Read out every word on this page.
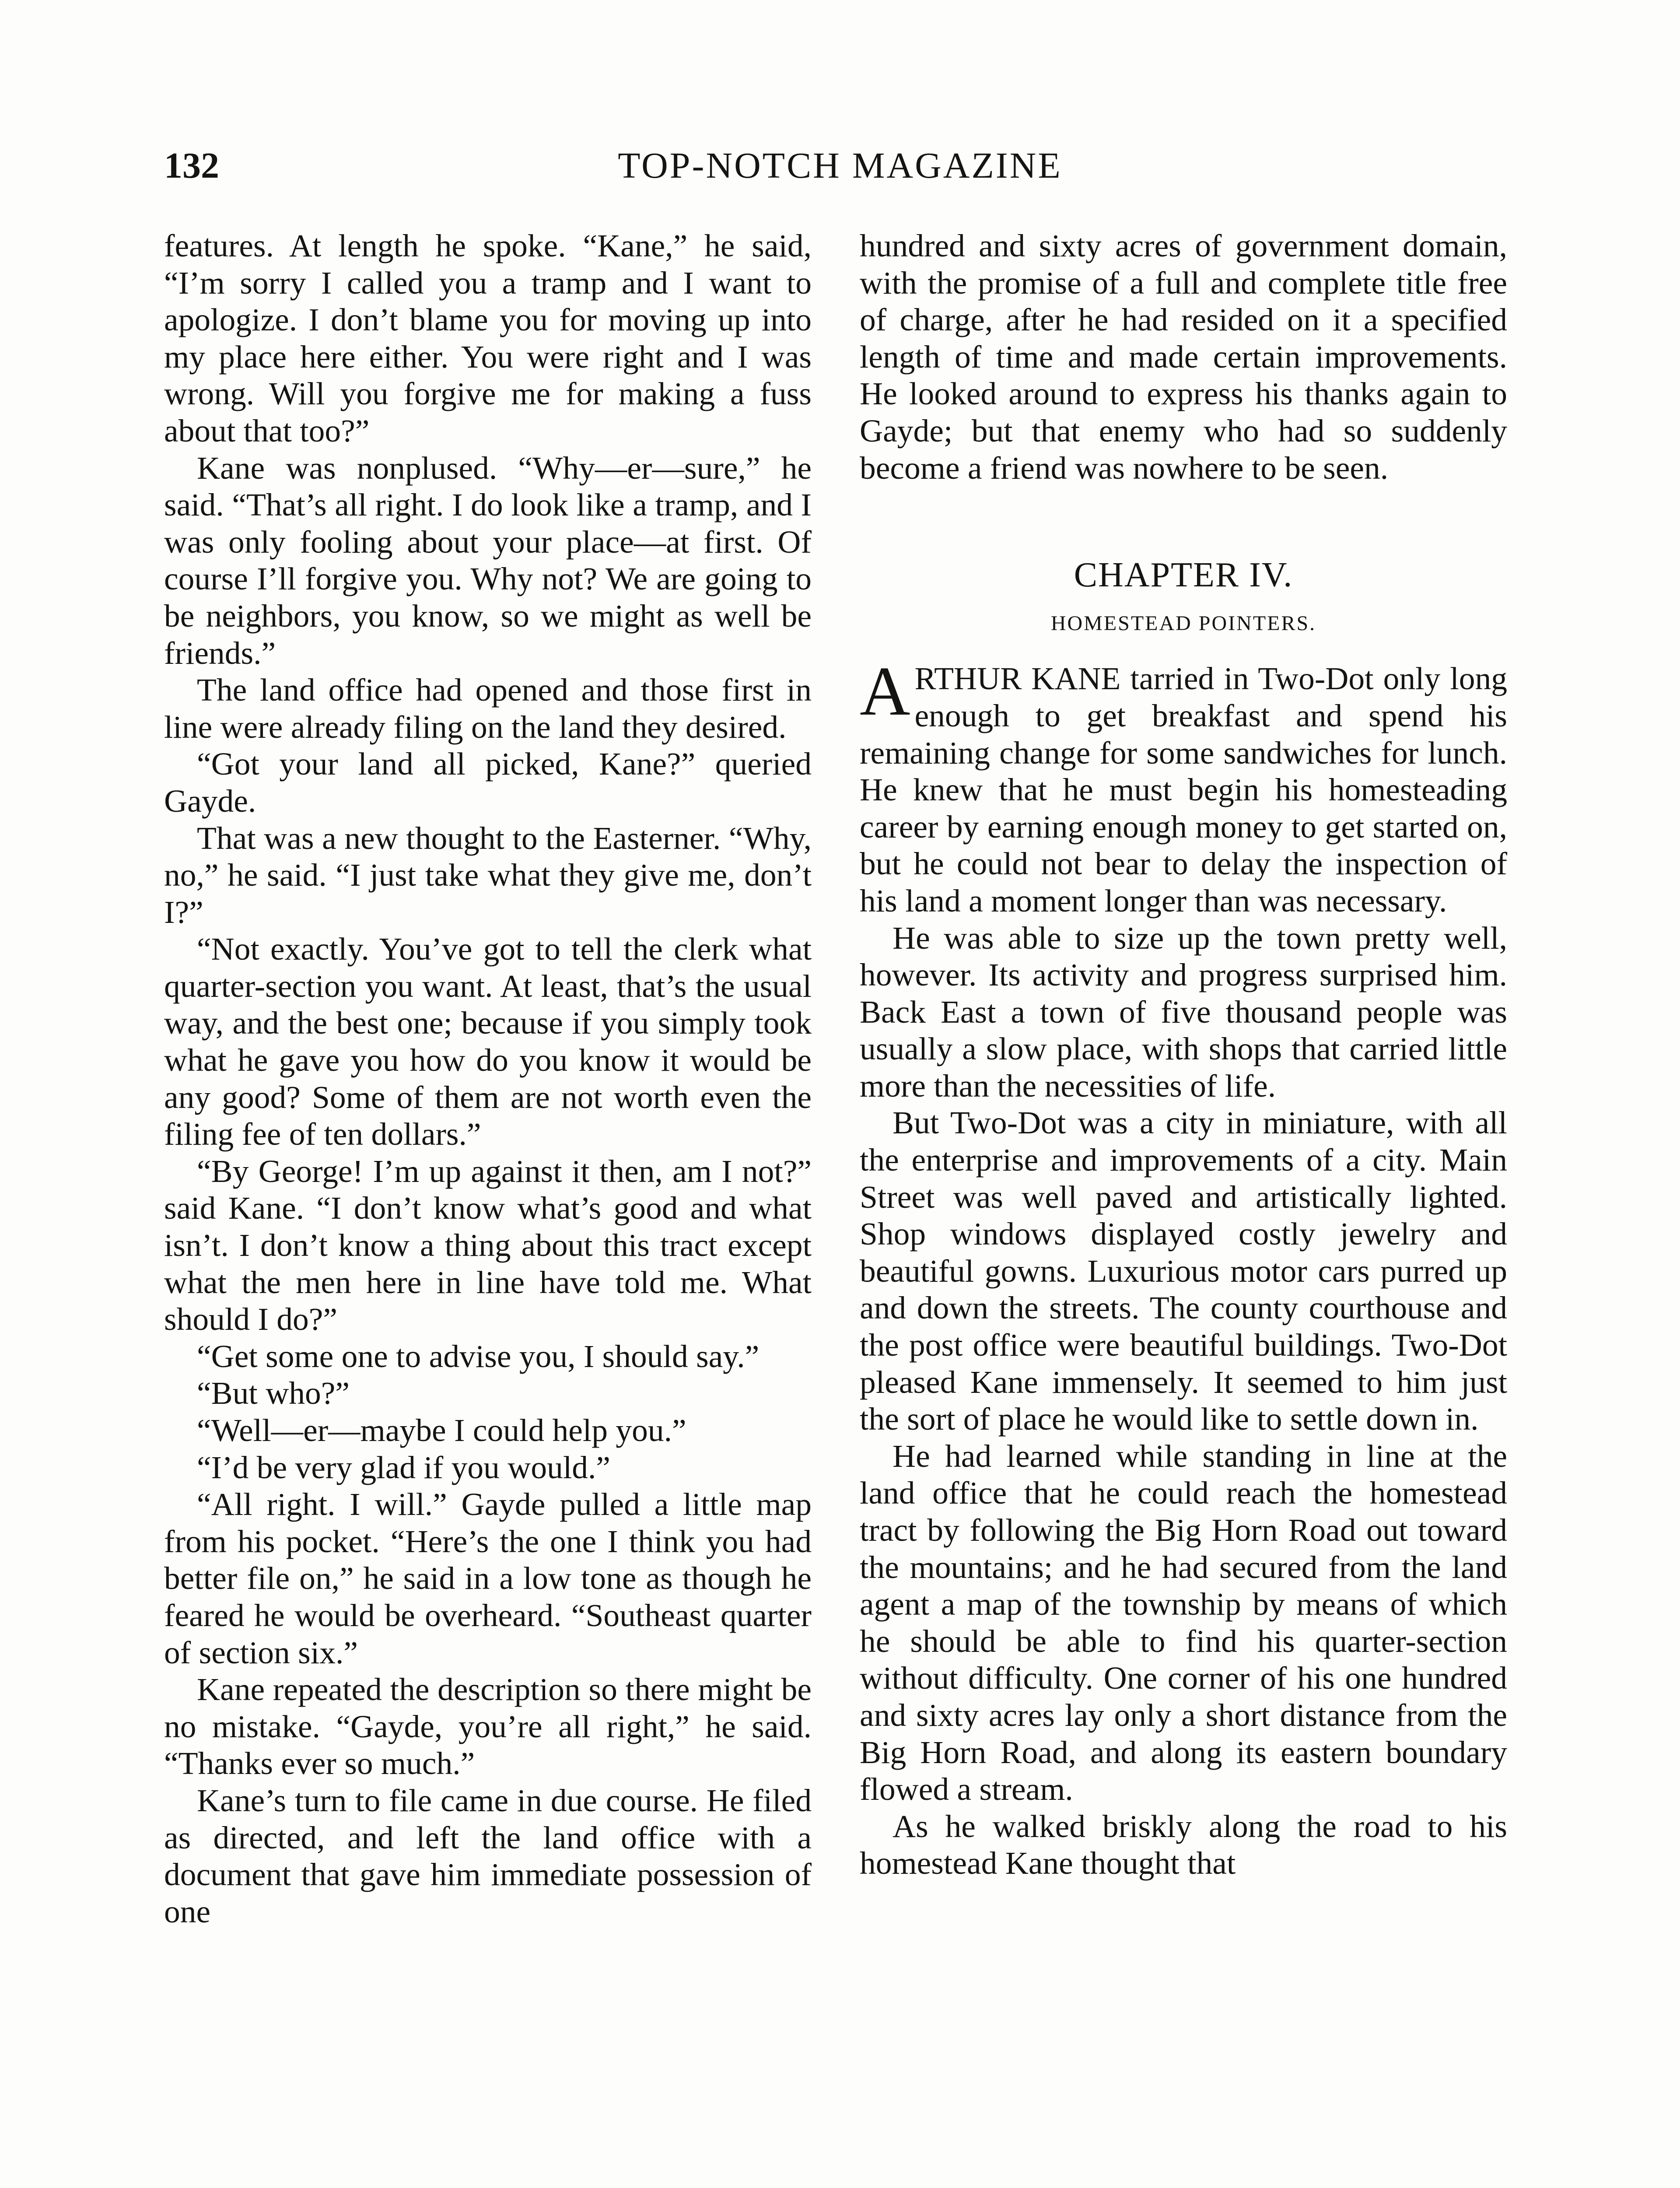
132	TOP-NOTCH MAGAZINE

features. At length he spoke. “Kane,” he said, “I’m sorry I called you a tramp and I want to apologize. I don’t blame you for moving up into my place here either. You were right and I was wrong. Will you forgive me for making a fuss about that too?”

Kane was nonplused. “Why—er—sure,” he said. “That’s all right. I do look like a tramp, and I was only fooling about your place—at first. Of course I’ll forgive you. Why not? We are going to be neighbors, you know, so we might as well be friends.”

The land office had opened and those first in line were already filing on the land they desired.

“Got your land all picked, Kane?” queried Gayde.

That was a new thought to the Easterner. “Why, no,” he said. “I just take what they give me, don’t I?”

“Not exactly. You’ve got to tell the clerk what quarter-section you want. At least, that’s the usual way, and the best one; because if you simply took what he gave you how do you know it would be any good? Some of them are not worth even the filing fee of ten dollars.”

“By George! I’m up against it then, am I not?” said Kane. “I don’t know what’s good and what isn’t. I don’t know a thing about this tract except what the men here in line have told me. What should I do?”

“Get some one to advise you, I should say.”

“But who?”

“Well—er—maybe I could help you.”

“I’d be very glad if you would.”

“All right. I will.” Gayde pulled a little map from his pocket. “Here’s the one I think you had better file on,” he said in a low tone as though he feared he would be overheard. “Southeast quarter of section six.”

Kane repeated the description so there might be no mistake. “Gayde, you’re all right,” he said. “Thanks ever so much.”

Kane’s turn to file came in due course. He filed as directed, and left the land office with a document that gave him immediate possession of one

hundred and sixty acres of government domain, with the promise of a full and complete title free of charge, after he had resided on it a specified length of time and made certain improvements. He looked around to express his thanks again to Gayde; but that enemy who had so suddenly become a friend was nowhere to be seen.

CHAPTER IV.
HOMESTEAD POINTERS.

ARTHUR KANE tarried in Two-Dot only long enough to get breakfast and spend his remaining change for some sandwiches for lunch. He knew that he must begin his homesteading career by earning enough money to get started on, but he could not bear to delay the inspection of his land a moment longer than was necessary.

He was able to size up the town pretty well, however. Its activity and progress surprised him. Back East a town of five thousand people was usually a slow place, with shops that carried little more than the necessities of life.

But Two-Dot was a city in miniature, with all the enterprise and improvements of a city. Main Street was well paved and artistically lighted. Shop windows displayed costly jewelry and beautiful gowns. Luxurious motor cars purred up and down the streets. The county courthouse and the post office were beautiful buildings. Two-Dot pleased Kane immensely. It seemed to him just the sort of place he would like to settle down in.

He had learned while standing in line at the land office that he could reach the homestead tract by following the Big Horn Road out toward the mountains; and he had secured from the land agent a map of the township by means of which he should be able to find his quarter-section without difficulty. One corner of his one hundred and sixty acres lay only a short distance from the Big Horn Road, and along its eastern boundary flowed a stream.

As he walked briskly along the road to his homestead Kane thought that
